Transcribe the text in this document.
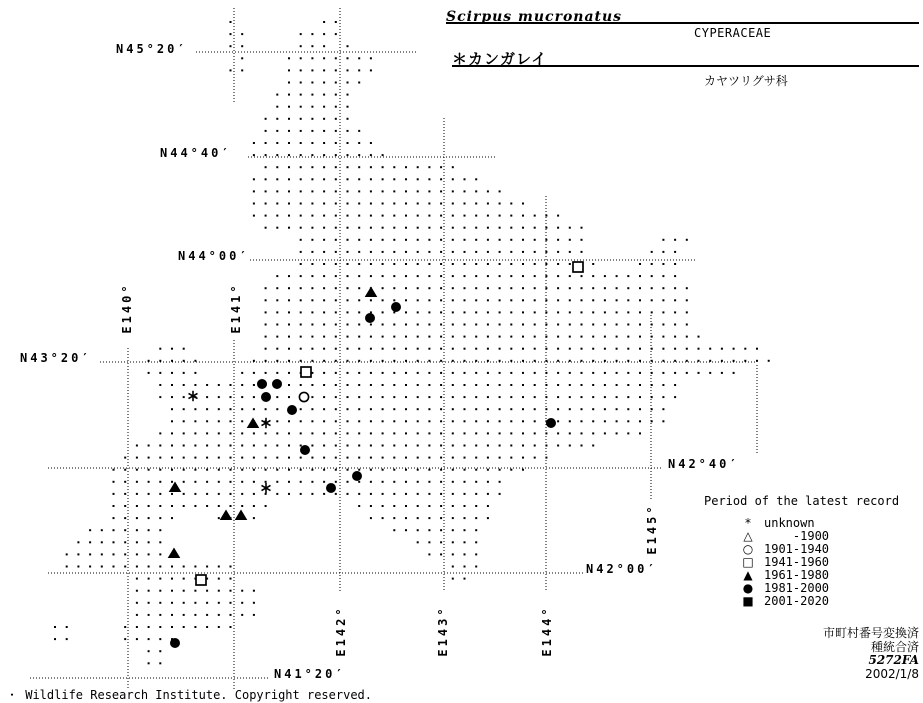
Scirpus mucronatus
CYPERACEAE
＊カンガレイ
カヤツリグサ科
N45°20′
N44°40′
N44°00′
N43°20′
N42°40′
N42°00′
N41°20′
E140°	E141°
E142°	E143°	E144°
E145°
Period of the latest record
*	unknown
△ -1900
○ 1901-1940
□ 1941-1960
▲ 1961-1980
● 1981-2000
■ 2001-2020
・ Wildlife Research Institute. Copyright reserved.
市町村番号変換済
種統合済
5272FA
2002/1/8
